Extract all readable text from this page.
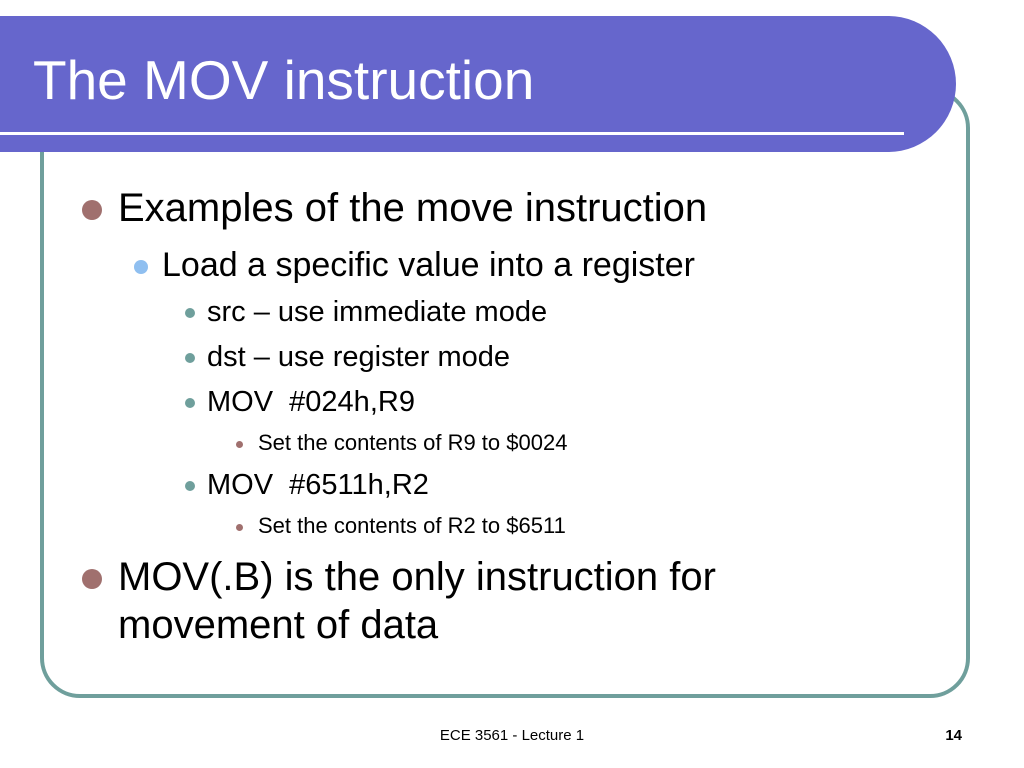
The MOV instruction
Examples of the move instruction
Load a specific value into a register
src – use immediate mode
dst – use register mode
MOV  #024h,R9
Set the contents of R9 to $0024
MOV  #6511h,R2
Set the contents of R2 to $6511
MOV(.B) is the only instruction for
movement of data
ECE 3561 - Lecture 1	14
